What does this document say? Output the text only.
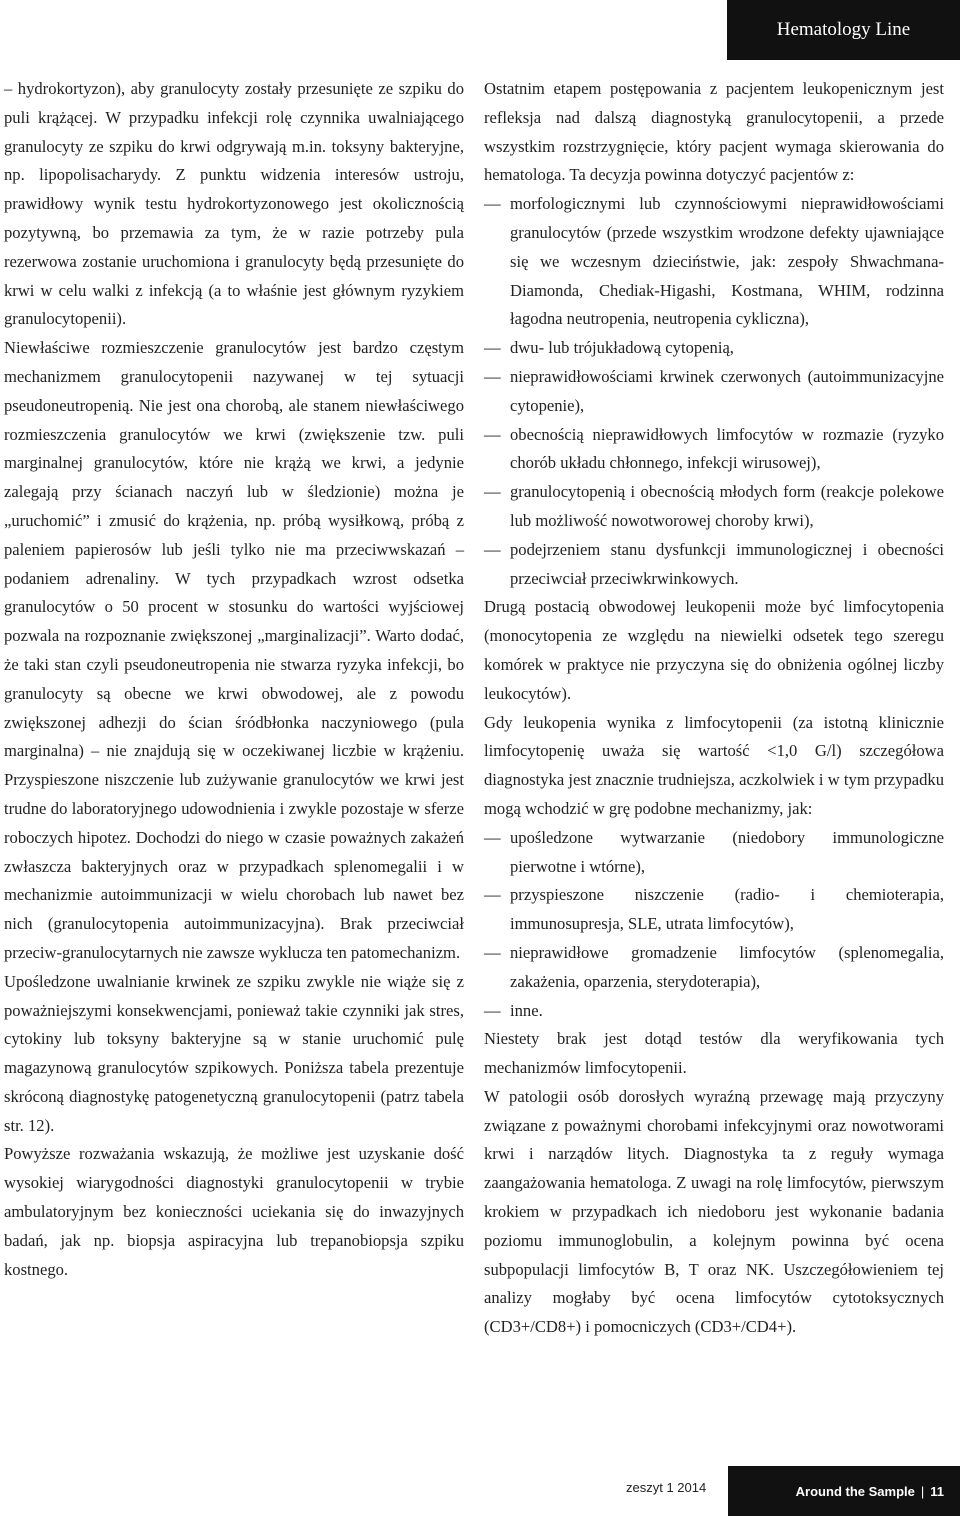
Hematology Line

– hydrokortyzon), aby granulocyty zostały przesunięte ze szpiku do puli krążącej. W przypadku infekcji rolę czynnika uwalniającego granulocyty ze szpiku do krwi odgrywają m.in. toksyny bakteryjne, np. lipopolisacharydy. Z punktu widzenia interesów ustroju, prawidłowy wynik testu hydrokortyzonowego jest okolicznością pozytywną, bo przemawia za tym, że w razie potrzeby pula rezerwowa zostanie uruchomiona i granulocyty będą przesunięte do krwi w celu walki z infekcją (a to właśnie jest głównym ryzykiem granulocytopenii).

Niewłaściwe rozmieszczenie granulocytów jest bardzo częstym mechanizmem granulocytopenii nazywanej w tej sytuacji pseudoneutropenią. Nie jest ona chorobą, ale stanem niewłaściwego rozmieszczenia granulocytów we krwi (zwiększenie tzw. puli marginalnej granulocytów, które nie krążą we krwi, a jedynie zalegają przy ścianach naczyń lub w śledzionie) można je „uruchomić” i zmusić do krążenia, np. próbą wysiłkową, próbą z paleniem papierosów lub jeśli tylko nie ma przeciwwskazań – podaniem adrenaliny. W tych przypadkach wzrost odsetka granulocytów o 50 procent w stosunku do wartości wyjściowej pozwala na rozpoznanie zwiększonej „marginalizacji”. Warto dodać, że taki stan czyli pseudoneutropenia nie stwarza ryzyka infekcji, bo granulocyty są obecne we krwi obwodowej, ale z powodu zwiększonej adhezji do ścian śródbłonka naczyniowego (pula marginalna) – nie znajdują się w oczekiwanej liczbie w krążeniu. Przyspieszone niszczenie lub zużywanie granulocytów we krwi jest trudne do laboratoryjnego udowodnienia i zwykle pozostaje w sferze roboczych hipotez. Dochodzi do niego w czasie poważnych zakażeń zwłaszcza bakteryjnych oraz w przypadkach splenomegalii i w mechanizmie autoimmunizacji w wielu chorobach lub nawet bez nich (granulocytopenia autoimmunizacyjna). Brak przeciwciał przeciw-granulocytarnych nie zawsze wyklucza ten patomechanizm.

Upośledzone uwalnianie krwinek ze szpiku zwykle nie wiąże się z poważniejszymi konsekwencjami, ponieważ takie czynniki jak stres, cytokiny lub toksyny bakteryjne są w stanie uruchomić pulę magazynową granulocytów szpikowych. Poniższa tabela prezentuje skróconą diagnostykę patogenetyczną granulocytopenii (patrz tabela str. 12).

Powyższe rozważania wskazują, że możliwe jest uzyskanie dość wysokiej wiarygodności diagnostyki granulocytopenii w trybie ambulatoryjnym bez konieczności uciekania się do inwazyjnych badań, jak np. biopsja aspiracyjna lub trepanobiopsja szpiku kostnego.

Ostatnim etapem postępowania z pacjentem leukopenicznym jest refleksja nad dalszą diagnostyką granulocytopenii, a przede wszystkim rozstrzygnięcie, który pacjent wymaga skierowania do hematologa. Ta decyzja powinna dotyczyć pacjentów z:

— morfologicznymi lub czynnościowymi nieprawidłowościami granulocytów (przede wszystkim wrodzone defekty ujawniające się we wczesnym dzieciństwie, jak: zespoły Shwachmana-Diamonda, Chediak-Higashi, Kostmana, WHIM, rodzinna łagodna neutropenia, neutropenia cykliczna),
— dwu- lub trójukładową cytopenią,
— nieprawidłowościami krwinek czerwonych (autoimmunizacyjne cytopenie),
— obecnością nieprawidłowych limfocytów w rozmazie (ryzyko chorób układu chłonnego, infekcji wirusowej),
— granulocytopenią i obecnością młodych form (reakcje polekowe lub możliwość nowotworowej choroby krwi),
— podejrzeniem stanu dysfunkcji immunologicznej i obecności przeciwciał przeciwkrwinkowych.

Drugą postacią obwodowej leukopenii może być limfocytopenia (monocytopenia ze względu na niewielki odsetek tego szeregu komórek w praktyce nie przyczyna się do obniżenia ogólnej liczby leukocytów).

Gdy leukopenia wynika z limfocytopenii (za istotną klinicznie limfocytopenię uważa się wartość <1,0 G/l) szczegółowa diagnostyka jest znacznie trudniejsza, aczkolwiek i w tym przypadku mogą wchodzić w grę podobne mechanizmy, jak:

— upośledzone wytwarzanie (niedobory immunologiczne pierwotne i wtórne),
— przyspieszone niszczenie (radio- i chemioterapia, immunosupresja, SLE, utrata limfocytów),
— nieprawidłowe gromadzenie limfocytów (splenomegalia, zakażenia, oparzenia, sterydoterapia),
— inne.

Niestety brak jest dotąd testów dla weryfikowania tych mechanizmów limfocytopenii.

W patologii osób dorosłych wyraźną przewagę mają przyczyny związane z poważnymi chorobami infekcyjnymi oraz nowotworami krwi i narządów litych. Diagnostyka ta z reguły wymaga zaangażowania hematologa. Z uwagi na rolę limfocytów, pierwszym krokiem w przypadkach ich niedoboru jest wykonanie badania poziomu immunoglobulin, a kolejnym powinna być ocena subpopulacji limfocytów B, T oraz NK. Uszczegółowieniem tej analizy mogłaby być ocena limfocytów cytotoksycznych (CD3+/CD8+) i pomocniczych (CD3+/CD4+).

zeszyt 1 2014	Around the Sample | 11
